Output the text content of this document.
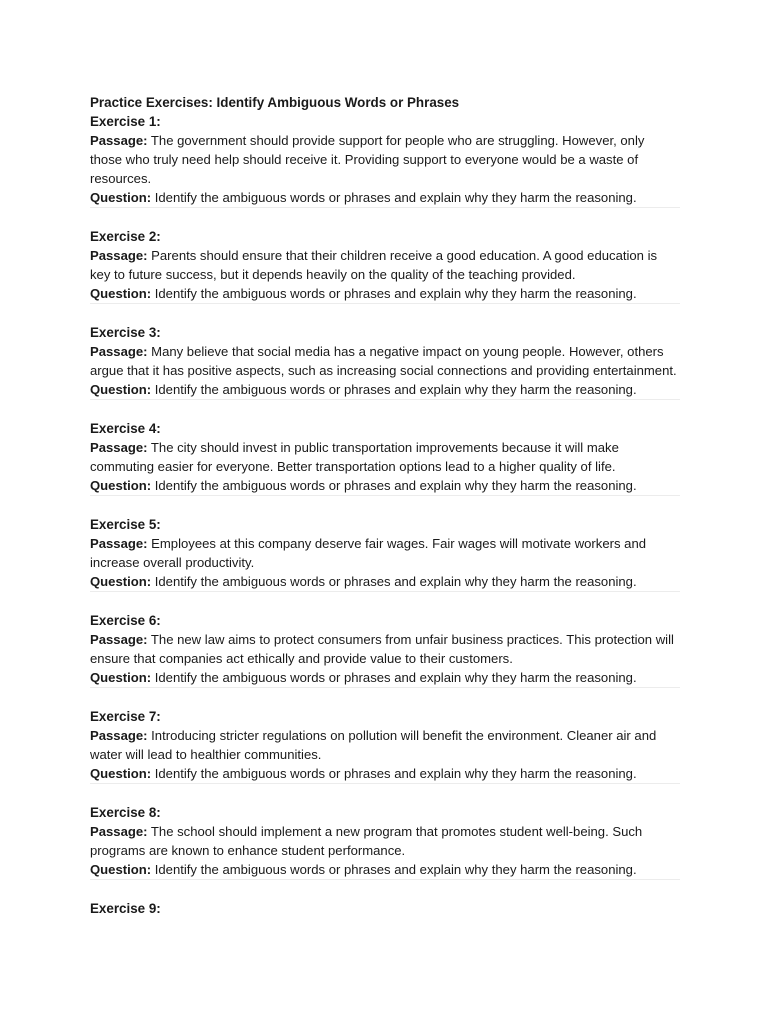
Practice Exercises: Identify Ambiguous Words or Phrases

Exercise 1:

Passage: The government should provide support for people who are struggling. However, only those who truly need help should receive it. Providing support to everyone would be a waste of resources.

Question: Identify the ambiguous words or phrases and explain why they harm the reasoning.

Exercise 2:

Passage: Parents should ensure that their children receive a good education. A good education is key to future success, but it depends heavily on the quality of the teaching provided.

Question: Identify the ambiguous words or phrases and explain why they harm the reasoning.

Exercise 3:

Passage: Many believe that social media has a negative impact on young people. However, others argue that it has positive aspects, such as increasing social connections and providing entertainment.

Question: Identify the ambiguous words or phrases and explain why they harm the reasoning.

Exercise 4:

Passage: The city should invest in public transportation improvements because it will make commuting easier for everyone. Better transportation options lead to a higher quality of life.

Question: Identify the ambiguous words or phrases and explain why they harm the reasoning.

Exercise 5:

Passage: Employees at this company deserve fair wages. Fair wages will motivate workers and increase overall productivity.

Question: Identify the ambiguous words or phrases and explain why they harm the reasoning.

Exercise 6:

Passage: The new law aims to protect consumers from unfair business practices. This protection will ensure that companies act ethically and provide value to their customers.

Question: Identify the ambiguous words or phrases and explain why they harm the reasoning.

Exercise 7:

Passage: Introducing stricter regulations on pollution will benefit the environment. Cleaner air and water will lead to healthier communities.

Question: Identify the ambiguous words or phrases and explain why they harm the reasoning.

Exercise 8:

Passage: The school should implement a new program that promotes student well-being. Such programs are known to enhance student performance.

Question: Identify the ambiguous words or phrases and explain why they harm the reasoning.

Exercise 9:
